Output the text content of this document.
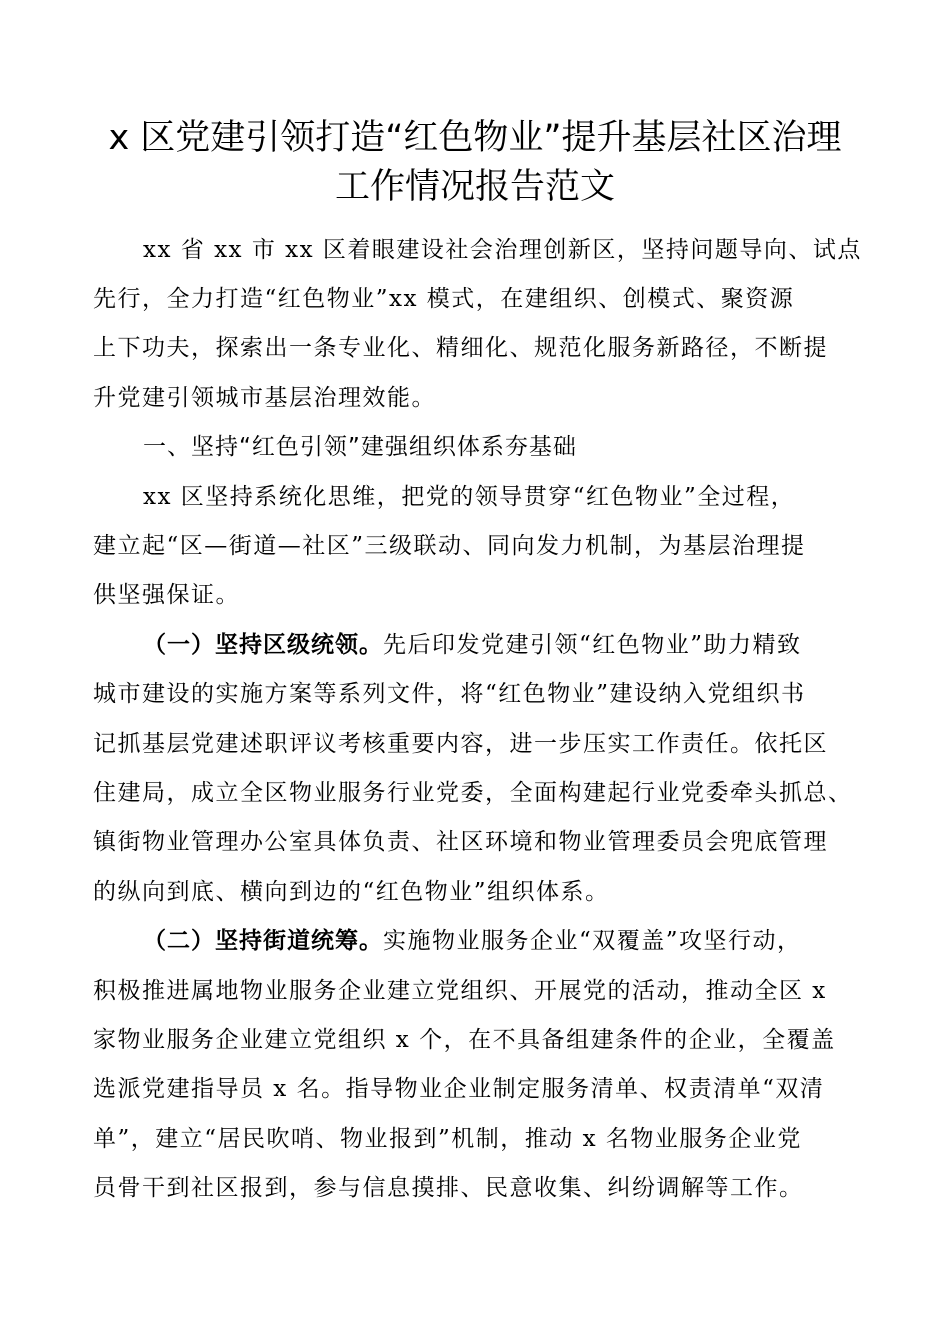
x 区党建引领打造“红色物业”提升基层社区治理
工作情况报告范文
xx 省 xx 市 xx 区着眼建设社会治理创新区，坚持问题导向、试点
先行，全力打造“红色物业”xx 模式，在建组织、创模式、聚资源
上下功夫，探索出一条专业化、精细化、规范化服务新路径，不断提
升党建引领城市基层治理效能。
一、坚持“红色引领”建强组织体系夯基础
xx 区坚持系统化思维，把党的领导贯穿“红色物业”全过程，
建立起“区—街道—社区”三级联动、同向发力机制，为基层治理提
供坚强保证。
（一）坚持区级统领。先后印发党建引领“红色物业”助力精致
城市建设的实施方案等系列文件，将“红色物业”建设纳入党组织书
记抓基层党建述职评议考核重要内容，进一步压实工作责任。依托区
住建局，成立全区物业服务行业党委，全面构建起行业党委牵头抓总、
镇街物业管理办公室具体负责、社区环境和物业管理委员会兜底管理
的纵向到底、横向到边的“红色物业”组织体系。
（二）坚持街道统筹。实施物业服务企业“双覆盖”攻坚行动，
积极推进属地物业服务企业建立党组织、开展党的活动，推动全区 x
家物业服务企业建立党组织 x 个，在不具备组建条件的企业，全覆盖
选派党建指导员 x 名。指导物业企业制定服务清单、权责清单“双清
单”，建立“居民吹哨、物业报到”机制，推动 x 名物业服务企业党
员骨干到社区报到，参与信息摸排、民意收集、纠纷调解等工作。
